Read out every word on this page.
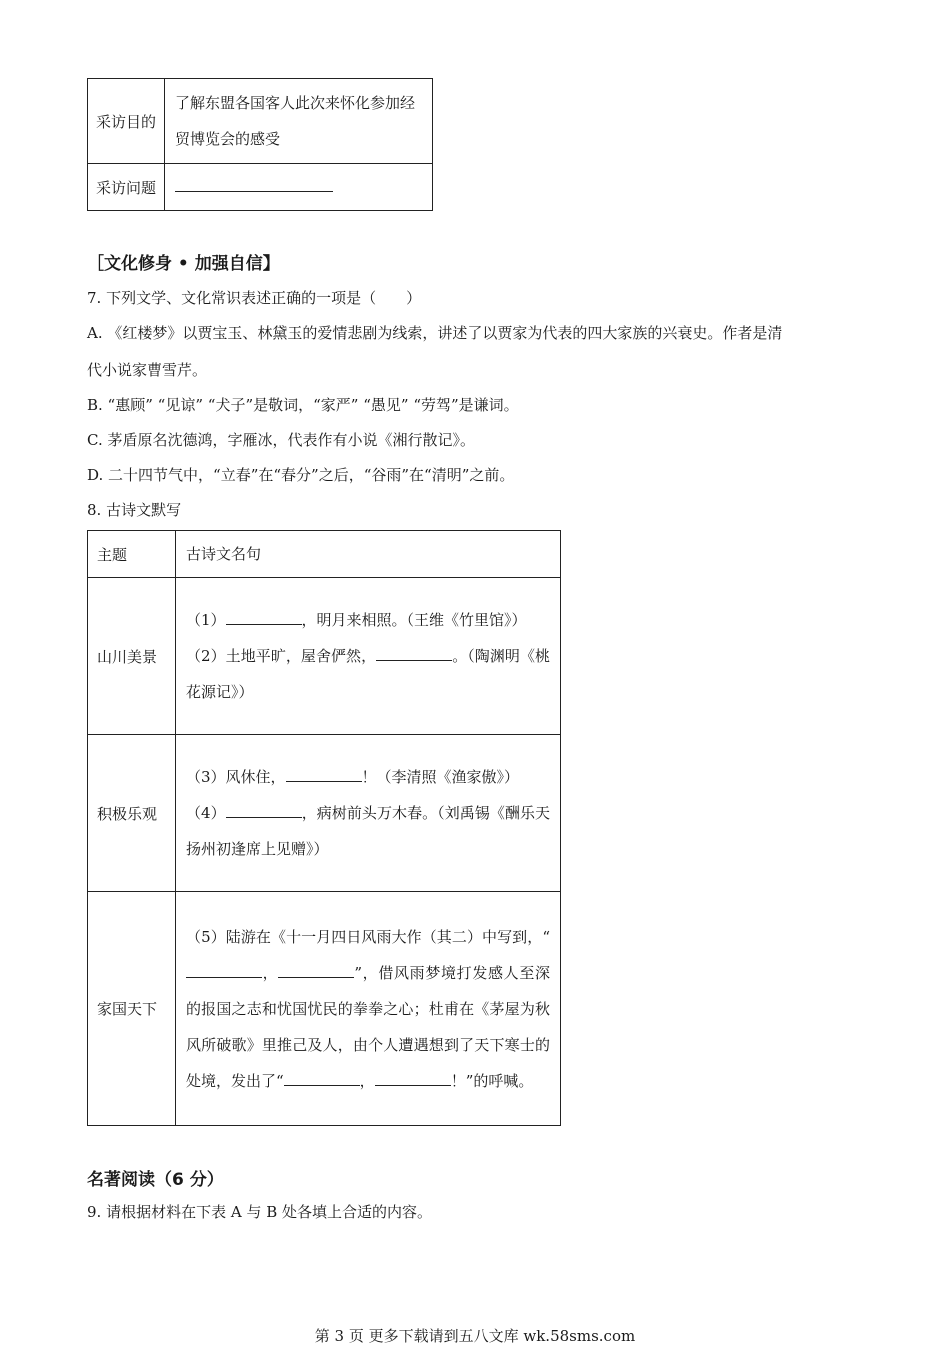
采访目的	了解东盟各国客人此次来怀化参加经贸博览会的感受
采访问题	
［文化修身 • 加强自信】
7. 下列文学、文化常识表述正确的一项是（　　）
A. 《红楼梦》以贾宝玉、林黛玉的爱情悲剧为线索，讲述了以贾家为代表的四大家族的兴衰史。作者是清
代小说家曹雪芹。
B. “惠顾” “见谅” “犬子”是敬词，“家严” “愚见” “劳驾”是谦词。
C. 茅盾原名沈德鸿，字雁冰，代表作有小说《湘行散记》。
D. 二十四节气中，“立春”在“春分”之后，“谷雨”在“清明”之前。
8. 古诗文默写
主题	古诗文名句
山川美景	（1） ，明月来相照。（王维《竹里馆》）
（2）土地平旷，屋舍俨然， 。（陶渊明《桃花源记》）

积极乐观	（3）风休住， ！（李清照《渔家傲》）
（4） ，病树前头万木春。（刘禹锡《酬乐天扬州初逢席上见赠》）

家国天下	（5）陆游在《十一月四日风雨大作（其二）中写到，“， ”，借风雨梦境打发感人至深的报国之志和忧国忧民的拳拳之心；杜甫在《茅屋为秋风所破歌》里推己及人，由个人遭遇想到了天下寒士的处境，发出了“ ， ！”的呼喊。
名著阅读（6 分）
9. 请根据材料在下表 A 与 B 处各填上合适的内容。
第 3 页 更多下载请到五八文库 wk.58sms.com
